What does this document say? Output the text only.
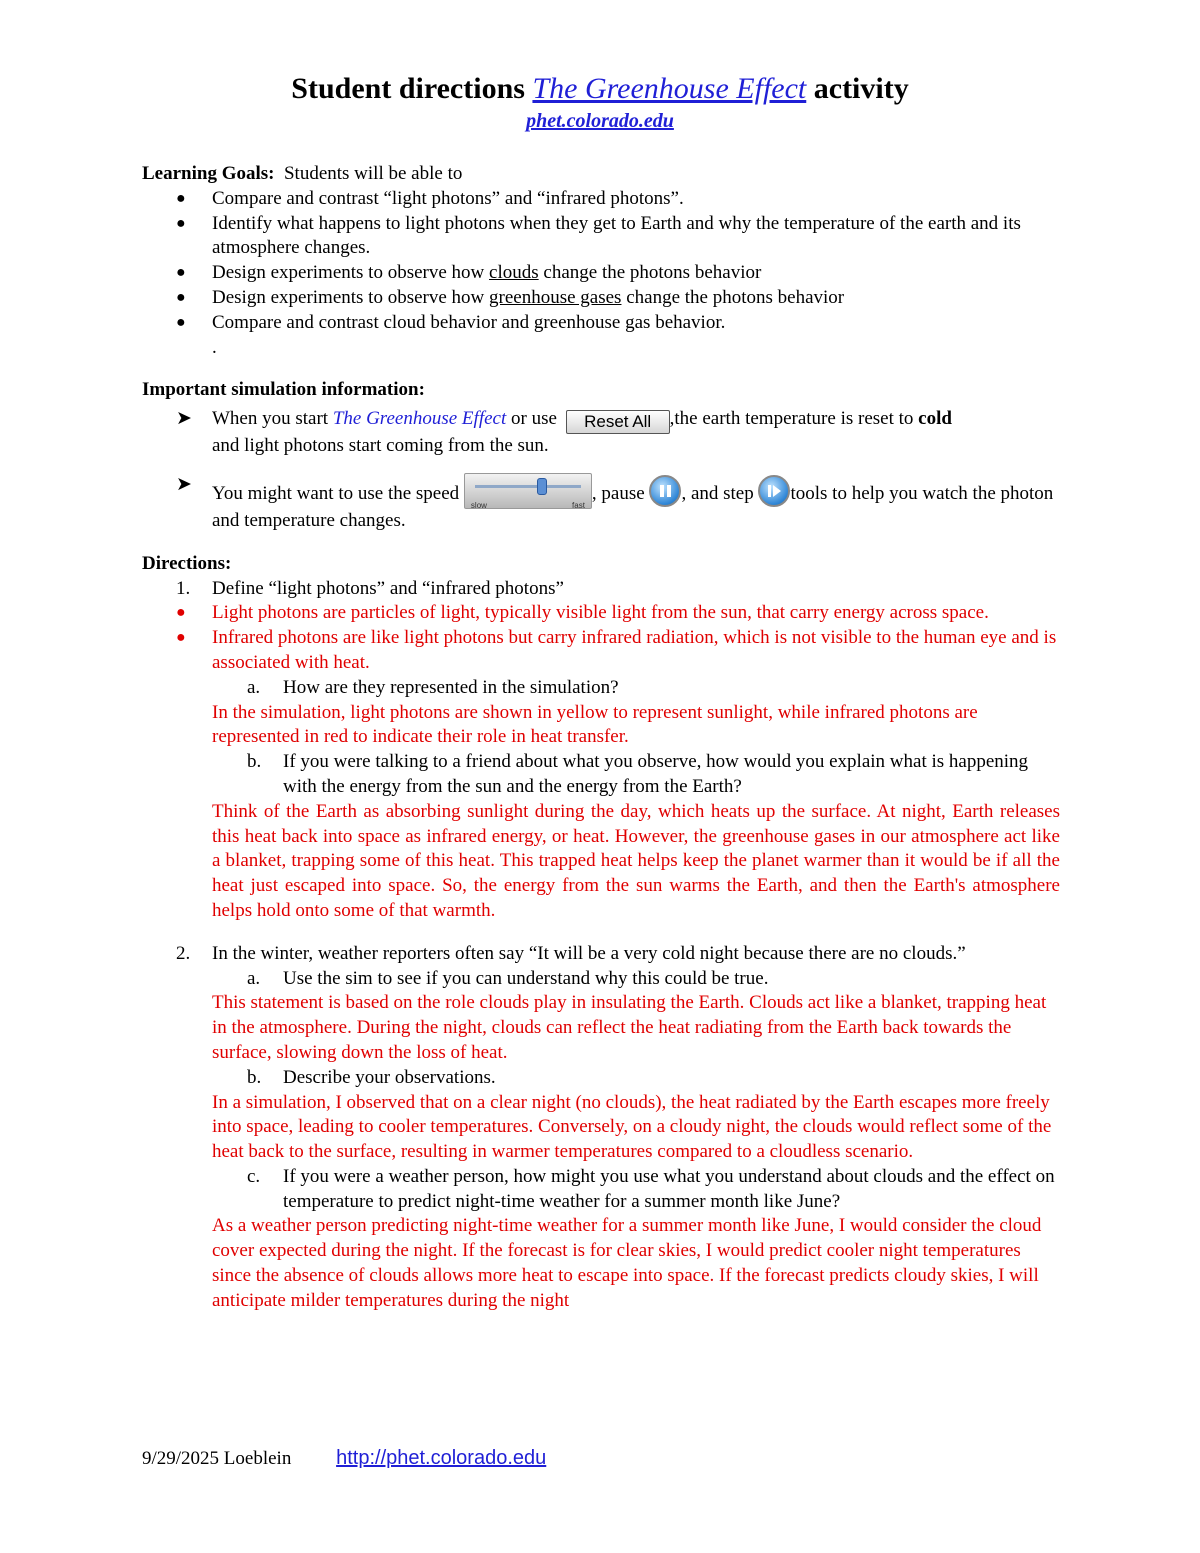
Student directions The Greenhouse Effect activity
phet.colorado.edu

Learning Goals: Students will be able to

● Compare and contrast “light photons” and “infrared photons”.
● Identify what happens to light photons when they get to Earth and why the temperature of the earth and its atmosphere changes.
● Design experiments to observe how clouds change the photons behavior
● Design experiments to observe how greenhouse gases change the photons behavior
● Compare and contrast cloud behavior and greenhouse gas behavior.
.

Important simulation information:

➤ When you start The Greenhouse Effect or use Reset All ,the earth temperature is reset to cold
and light photons start coming from the sun.
➤ You might want to use the speed
slow	fast
, pause
, and step
tools to help you watch the photon and temperature changes.

Directions:

1. Define “light photons” and “infrared photons”
● Light photons are particles of light, typically visible light from the sun, that carry energy across space.
● Infrared photons are like light photons but carry infrared radiation, which is not visible to the human eye and is associated with heat.
a. How are they represented in the simulation?
In the simulation, light photons are shown in yellow to represent sunlight, while infrared photons are represented in red to indicate their role in heat transfer.
b. If you were talking to a friend about what you observe, how would you explain what is happening with the energy from the sun and the energy from the Earth?
Think of the Earth as absorbing sunlight during the day, which heats up the surface. At night, Earth releases this heat back into space as infrared energy, or heat. However, the greenhouse gases in our atmosphere act like a blanket, trapping some of this heat. This trapped heat helps keep the planet warmer than it would be if all the heat just escaped into space. So, the energy from the sun warms the Earth, and then the Earth's atmosphere helps hold onto some of that warmth.
2. In the winter, weather reporters often say “It will be a very cold night because there are no clouds.”
a. Use the sim to see if you can understand why this could be true.
This statement is based on the role clouds play in insulating the Earth. Clouds act like a blanket, trapping heat in the atmosphere. During the night, clouds can reflect the heat radiating from the Earth back towards the surface, slowing down the loss of heat.
b. Describe your observations.
In a simulation, I observed that on a clear night (no clouds), the heat radiated by the Earth escapes more freely into space, leading to cooler temperatures. Conversely, on a cloudy night, the clouds would reflect some of the heat back to the surface, resulting in warmer temperatures compared to a cloudless scenario.
c. If you were a weather person, how might you use what you understand about clouds and the effect on temperature to predict night-time weather for a summer month like June?
As a weather person predicting night-time weather for a summer month like June, I would consider the cloud cover expected during the night. If the forecast is for clear skies, I would predict cooler night temperatures since the absence of clouds allows more heat to escape into space. If the forecast predicts cloudy skies, I will anticipate milder temperatures during the night
9/29/2025 Loeblein http://phet.colorado.edu
